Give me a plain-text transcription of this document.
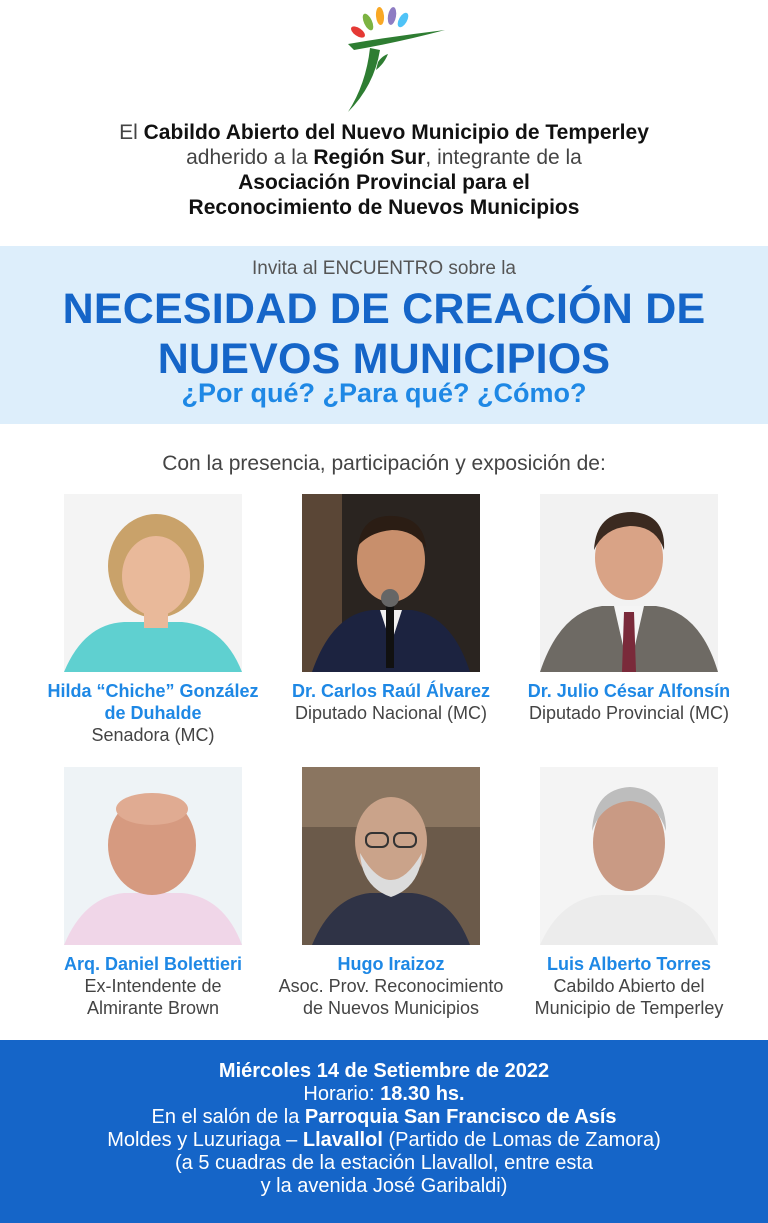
El Cabildo Abierto del Nuevo Municipio de Temperley
adherido a la Región Sur, integrante de la
Asociación Provincial para el
Reconocimiento de Nuevos Municipios
Invita al ENCUENTRO sobre la
NECESIDAD DE CREACIÓN DE
NUEVOS MUNICIPIOS
¿Por qué? ¿Para qué? ¿Cómo?
Con la presencia, participación y exposición de:
Hilda “Chiche” González
de Duhalde
Senadora (MC)
Dr. Carlos Raúl Álvarez
Diputado Nacional (MC)
Dr. Julio César Alfonsín
Diputado Provincial (MC)
Arq. Daniel Bolettieri
Ex-Intendente de
Almirante Brown
Hugo Iraizoz
Asoc. Prov. Reconocimiento
de Nuevos Municipios
Luis Alberto Torres
Cabildo Abierto del
Municipio de Temperley
Miércoles 14 de Setiembre de 2022
Horario: 18.30 hs.
En el salón de la Parroquia San Francisco de Asís
Moldes y Luzuriaga – Llavallol (Partido de Lomas de Zamora)
(a 5 cuadras de la estación Llavallol, entre esta
y la avenida José Garibaldi)
